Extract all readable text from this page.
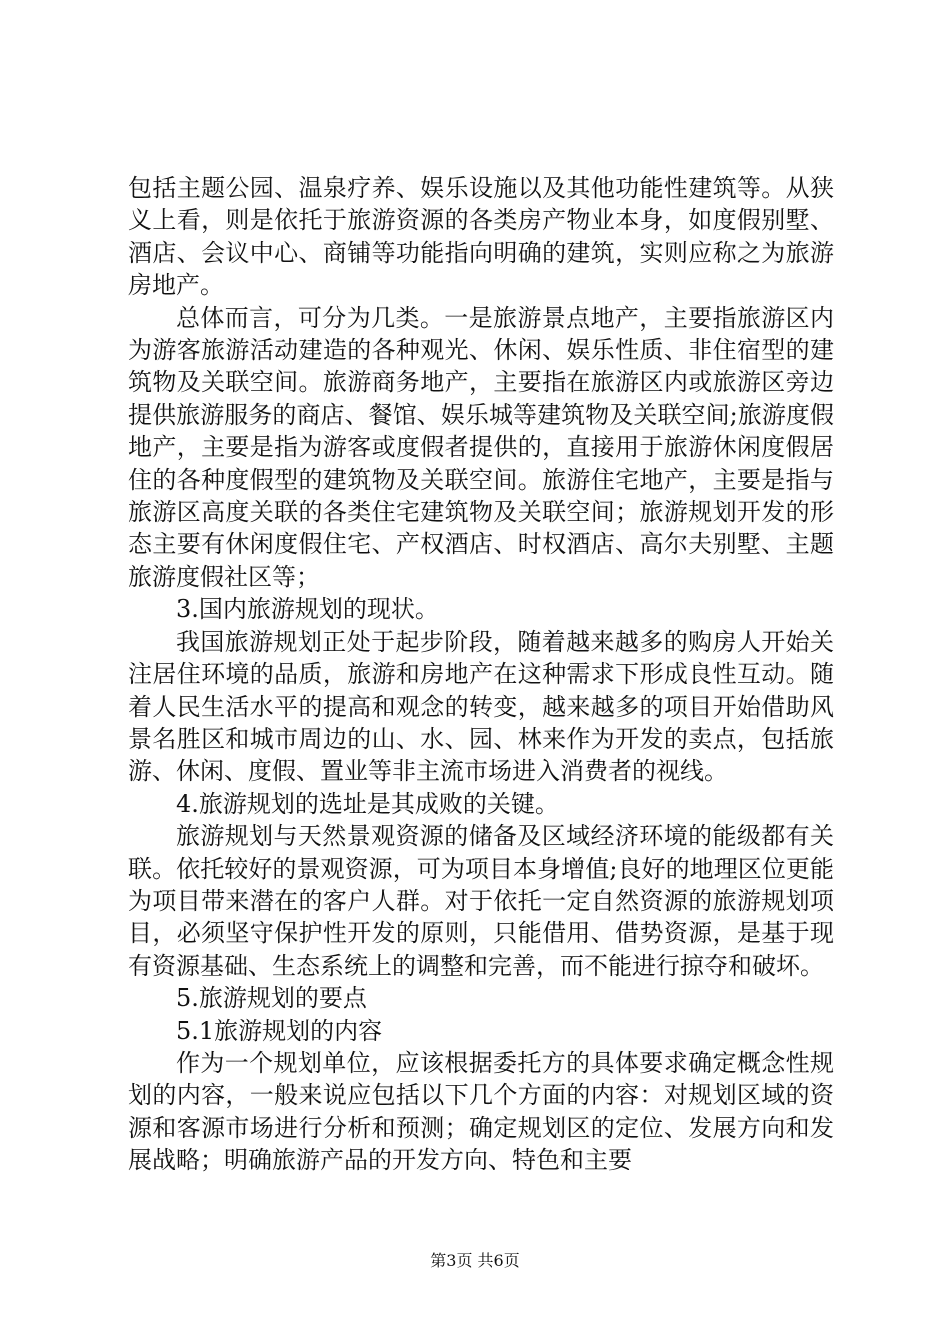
包括主题公园、温泉疗养、娱乐设施以及其他功能性建筑等。从狭义上看，则是依托于旅游资源的各类房产物业本身，如度假别墅、酒店、会议中心、商铺等功能指向明确的建筑，实则应称之为旅游房地产。

总体而言，可分为几类。一是旅游景点地产，主要指旅游区内为游客旅游活动建造的各种观光、休闲、娱乐性质、非住宿型的建筑物及关联空间。旅游商务地产，主要指在旅游区内或旅游区旁边提供旅游服务的商店、餐馆、娱乐城等建筑物及关联空间;旅游度假地产，主要是指为游客或度假者提供的，直接用于旅游休闲度假居住的各种度假型的建筑物及关联空间。旅游住宅地产，主要是指与旅游区高度关联的各类住宅建筑物及关联空间；旅游规划开发的形态主要有休闲度假住宅、产权酒店、时权酒店、高尔夫别墅、主题旅游度假社区等；

3.国内旅游规划的现状。

我国旅游规划正处于起步阶段，随着越来越多的购房人开始关注居住环境的品质，旅游和房地产在这种需求下形成良性互动。随着人民生活水平的提高和观念的转变，越来越多的项目开始借助风景名胜区和城市周边的山、水、园、林来作为开发的卖点，包括旅游、休闲、度假、置业等非主流市场进入消费者的视线。

4.旅游规划的选址是其成败的关键。

旅游规划与天然景观资源的储备及区域经济环境的能级都有关联。依托较好的景观资源，可为项目本身增值;良好的地理区位更能为项目带来潜在的客户人群。对于依托一定自然资源的旅游规划项目，必须坚守保护性开发的原则，只能借用、借势资源，是基于现有资源基础、生态系统上的调整和完善，而不能进行掠夺和破坏。

5.旅游规划的要点

5.1旅游规划的内容

作为一个规划单位，应该根据委托方的具体要求确定概念性规划的内容，一般来说应包括以下几个方面的内容：对规划区域的资源和客源市场进行分析和预测；确定规划区的定位、发展方向和发展战略；明确旅游产品的开发方向、特色和主要

第3页 共6页
